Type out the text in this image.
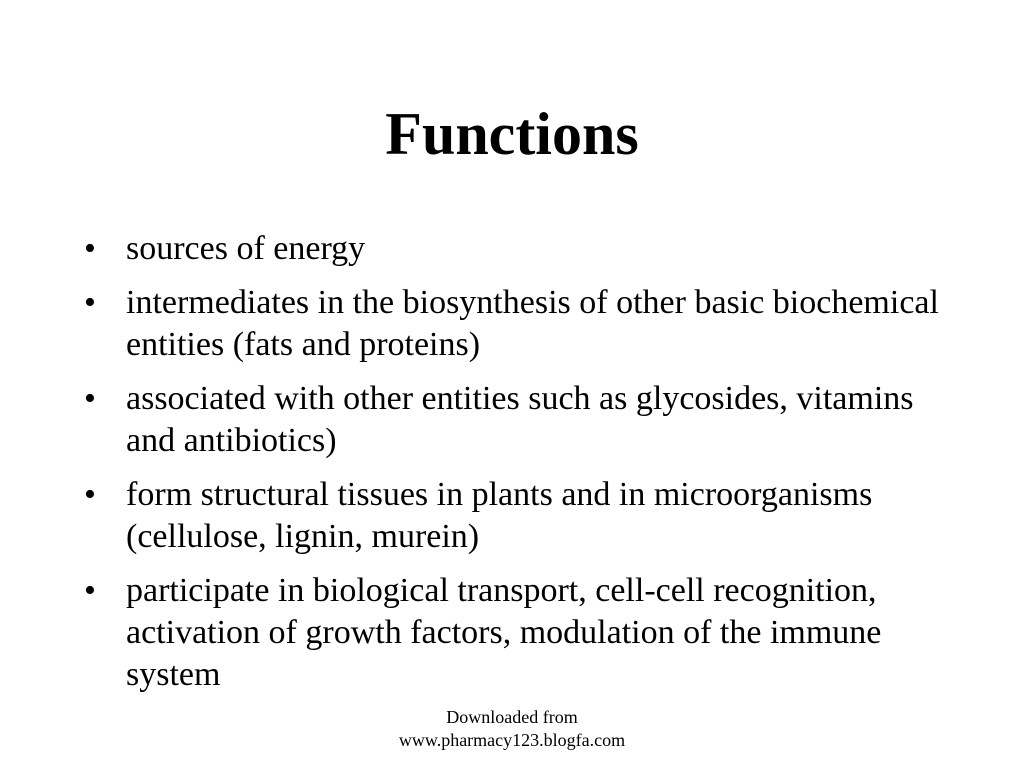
Functions
• sources of energy
• intermediates in the biosynthesis of other basic biochemical entities (fats and proteins)
• associated with other entities such as glycosides, vitamins and antibiotics)
• form structural tissues in plants and in microorganisms (cellulose, lignin, murein)
• participate in biological transport, cell-cell recognition, activation of growth factors, modulation of the immune system
Downloaded from
www.pharmacy123.blogfa.com
